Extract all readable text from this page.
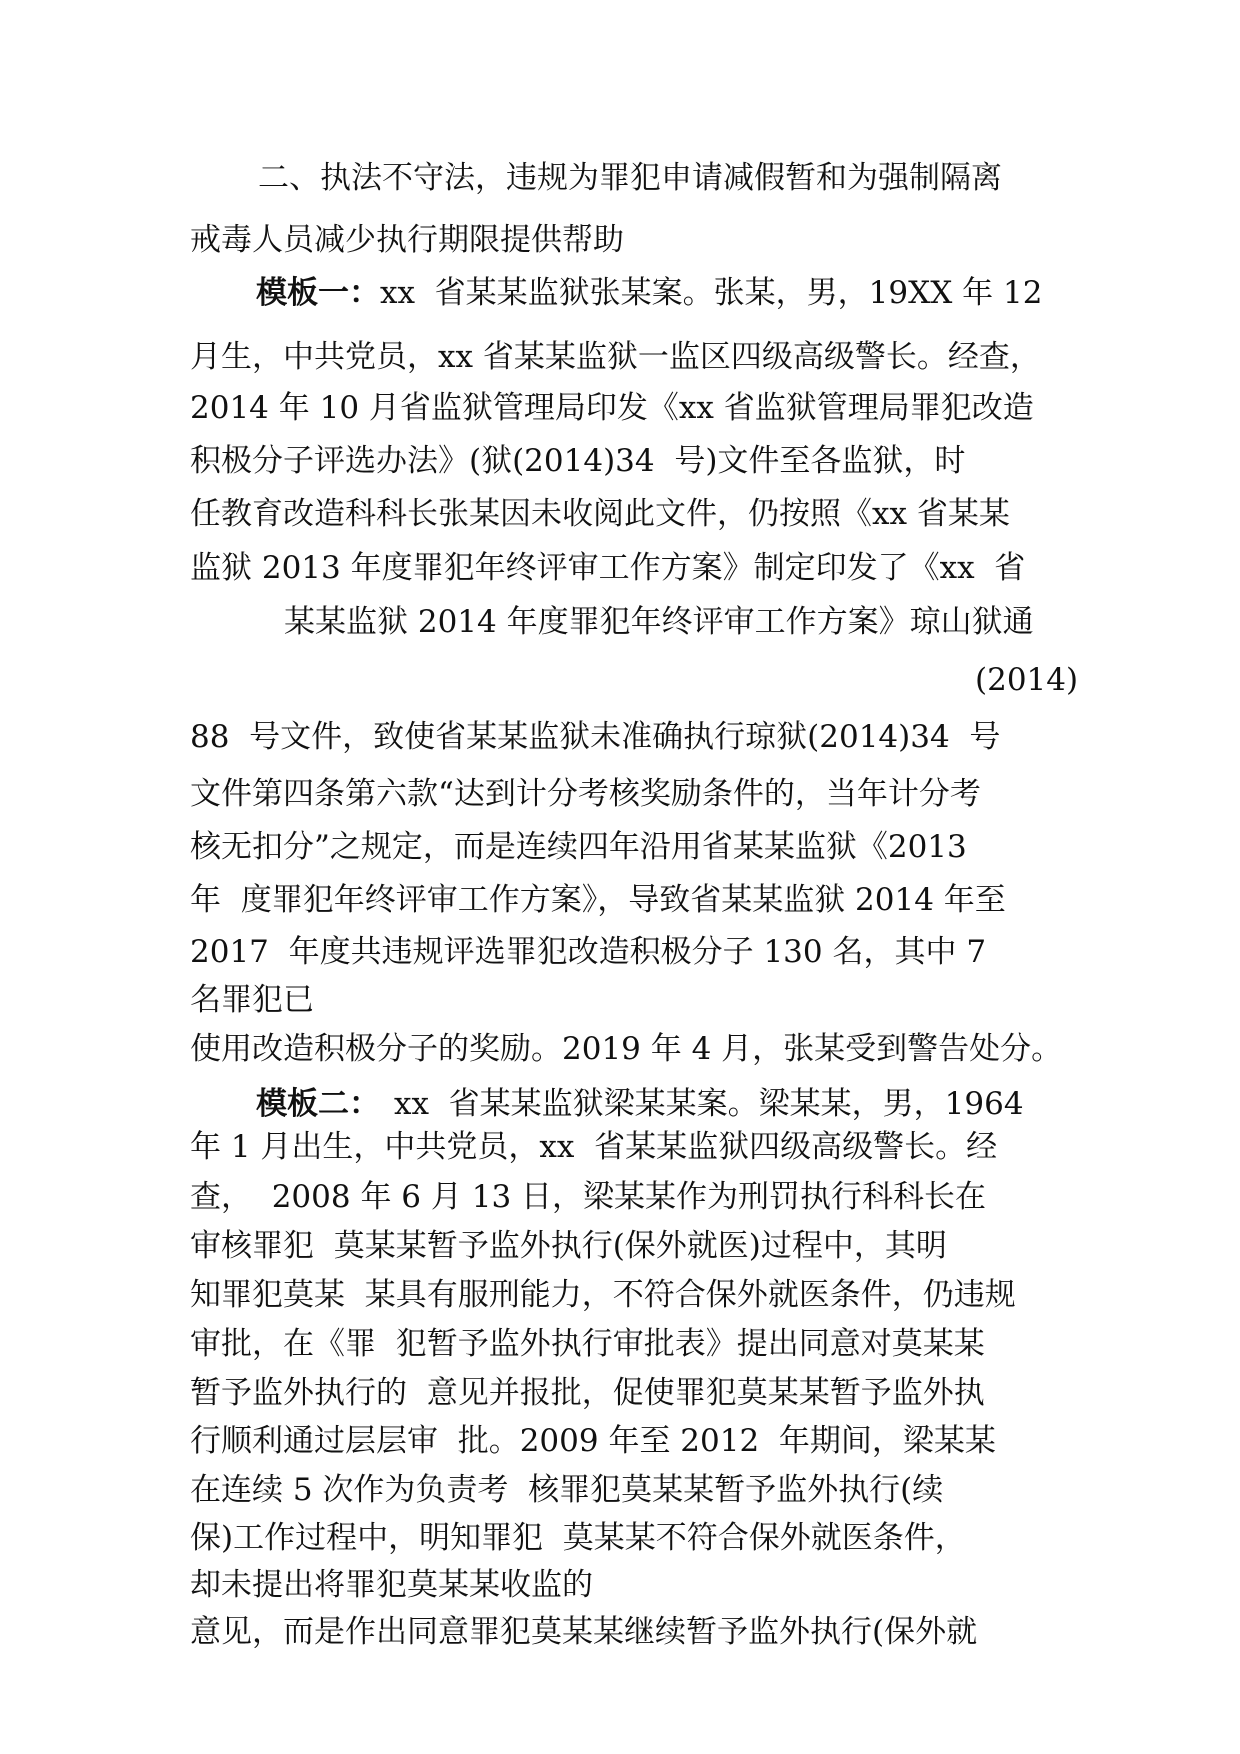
二、执法不守法，违规为罪犯申请减假暂和为强制隔离
戒毒人员减少执行期限提供帮助
模板一：xx  省某某监狱张某案。张某，男，19XX 年 12
月生，中共党员，xx 省某某监狱一监区四级高级警长。经查，
2014 年 10 月省监狱管理局印发《xx 省监狱管理局罪犯改造
积极分子评选办法》(狱(2014)34  号)文件至各监狱，时
任教育改造科科长张某因未收阅此文件，仍按照《xx 省某某
监狱 2013 年度罪犯年终评审工作方案》制定印发了《xx  省
某某监狱 2014 年度罪犯年终评审工作方案》琼山狱通
(2014)
88  号文件，致使省某某监狱未准确执行琼狱(2014)34  号
文件第四条第六款“达到计分考核奖励条件的，当年计分考
核无扣分”之规定，而是连续四年沿用省某某监狱《2013
年  度罪犯年终评审工作方案》，导致省某某监狱 2014 年至
2017  年度共违规评选罪犯改造积极分子 130 名，其中 7
名罪犯已
使用改造积极分子的奖励。2019 年 4 月，张某受到警告处分。
模板二： xx  省某某监狱梁某某案。梁某某，男，1964
年 1 月出生，中共党员，xx  省某某监狱四级高级警长。经
查，  2008 年 6 月 13 日，梁某某作为刑罚执行科科长在
审核罪犯  莫某某暂予监外执行(保外就医)过程中，其明
知罪犯莫某  某具有服刑能力，不符合保外就医条件，仍违规
审批，在《罪  犯暂予监外执行审批表》提出同意对莫某某
暂予监外执行的  意见并报批，促使罪犯莫某某暂予监外执
行顺利通过层层审  批。2009 年至 2012  年期间，梁某某
在连续 5 次作为负责考  核罪犯莫某某暂予监外执行(续
保)工作过程中，明知罪犯  莫某某不符合保外就医条件，
却未提出将罪犯莫某某收监的
意见，而是作出同意罪犯莫某某继续暂予监外执行(保外就
